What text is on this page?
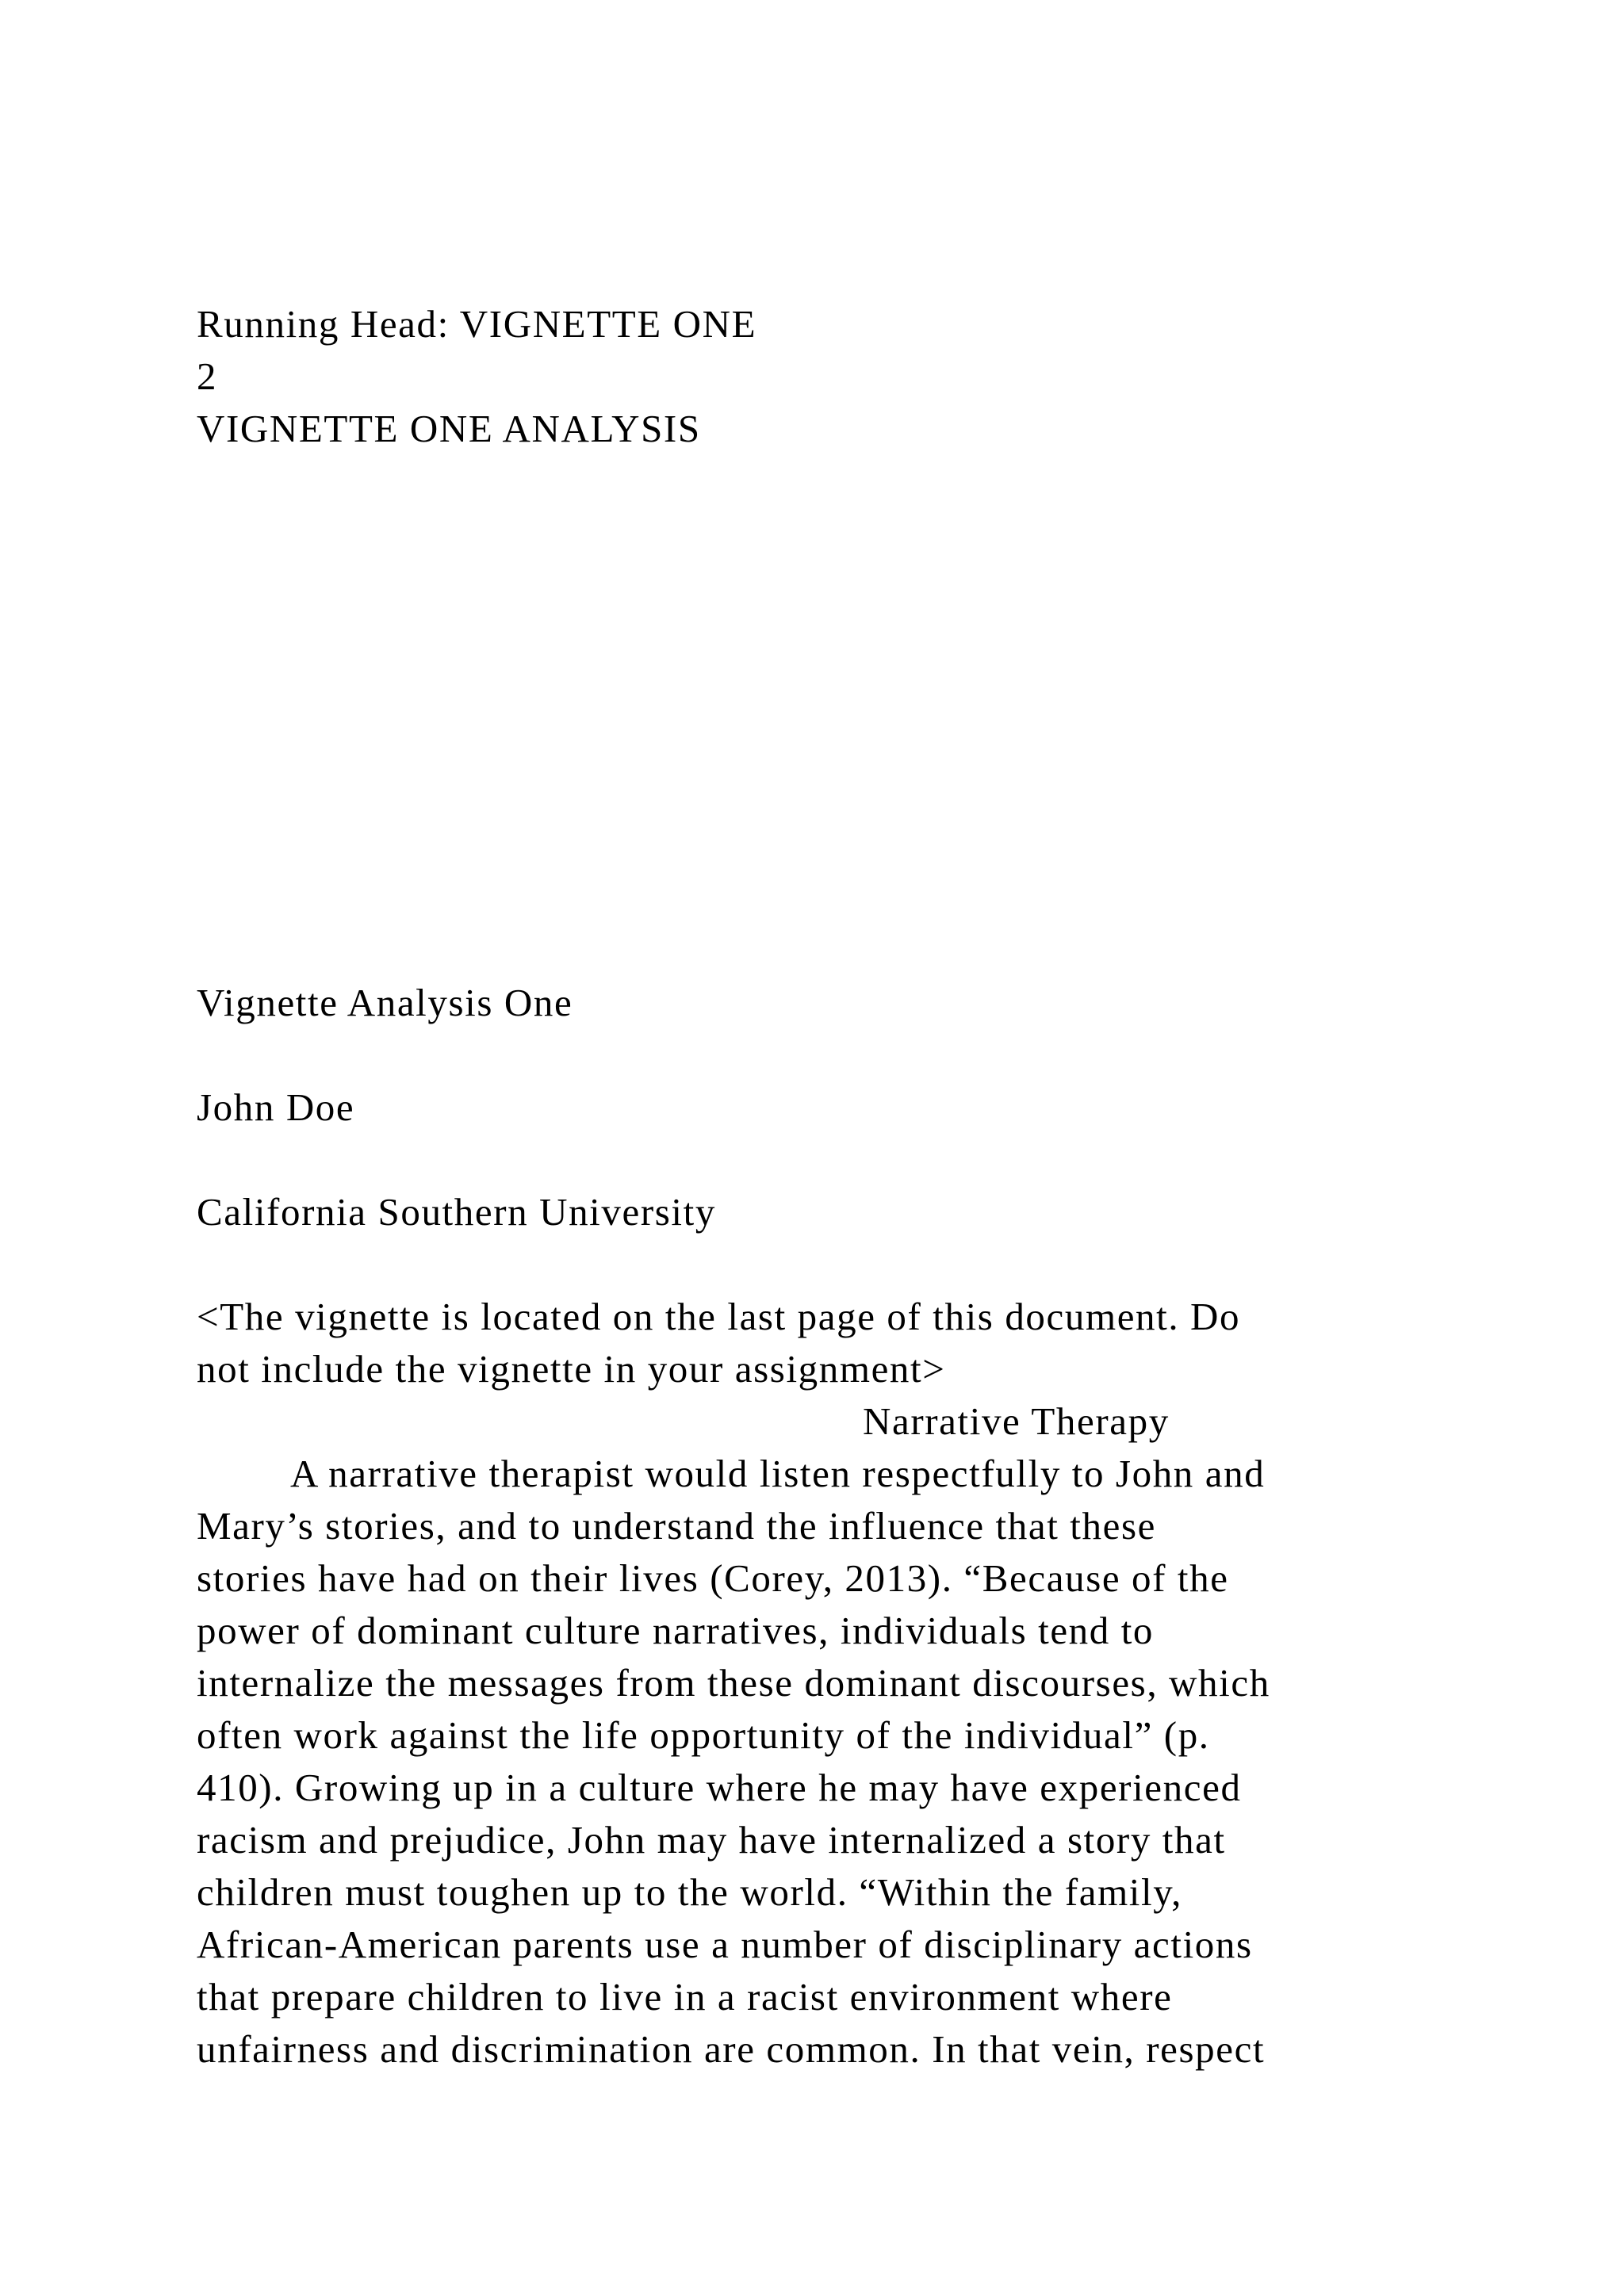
Running Head: VIGNETTE ONE

2

VIGNETTE ONE ANALYSIS

Vignette Analysis One

John Doe

California Southern University

<The vignette is located on the last page of this document. Do

not include the vignette in your assignment>

Narrative Therapy

A narrative therapist would listen respectfully to John and

Mary’s stories, and to understand the influence that these

stories have had on their lives (Corey, 2013). “Because of the

power of dominant culture narratives, individuals tend to

internalize the messages from these dominant discourses, which

often work against the life opportunity of the individual” (p.

410). Growing up in a culture where he may have experienced

racism and prejudice, John may have internalized a story that

children must toughen up to the world. “Within the family,

African-American parents use a number of disciplinary actions

that prepare children to live in a racist environment where

unfairness and discrimination are common. In that vein, respect
